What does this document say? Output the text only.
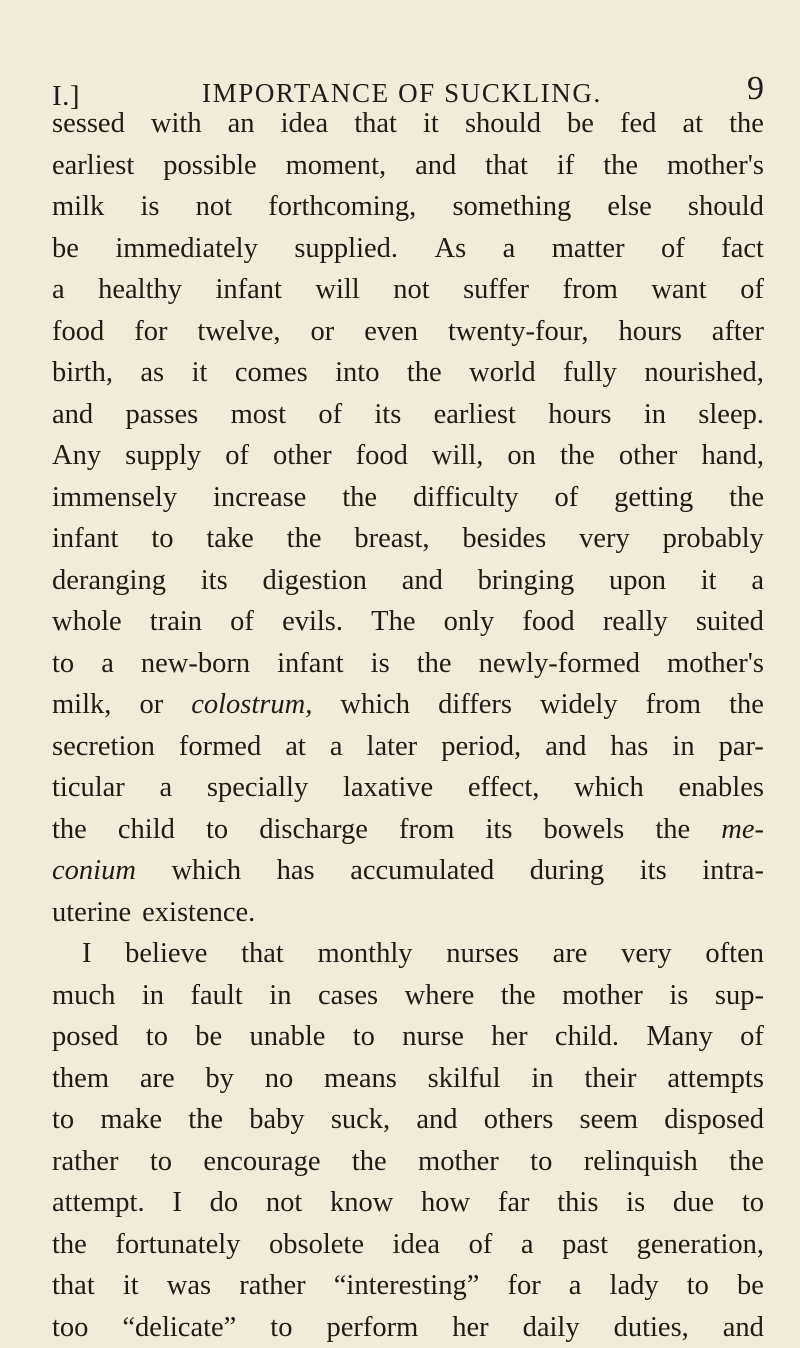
I.]	IMPORTANCE OF SUCKLING.	9
sessed with an idea that it should be fed at the
earliest possible moment, and that if the mother's
milk is not forthcoming, something else should
be immediately supplied. As a matter of fact
a healthy infant will not suffer from want of
food for twelve, or even twenty-four, hours after
birth, as it comes into the world fully nourished,
and passes most of its earliest hours in sleep.
Any supply of other food will, on the other hand,
immensely increase the difficulty of getting the
infant to take the breast, besides very probably
deranging its digestion and bringing upon it a
whole train of evils. The only food really suited
to a new-born infant is the newly-formed mother's
milk, or colostrum, which differs widely from the
secretion formed at a later period, and has in par-
ticular a specially laxative effect, which enables
the child to discharge from its bowels the me-
conium which has accumulated during its intra-
uterine existence.
I believe that monthly nurses are very often
much in fault in cases where the mother is sup-
posed to be unable to nurse her child. Many of
them are by no means skilful in their attempts
to make the baby suck, and others seem disposed
rather to encourage the mother to relinquish the
attempt. I do not know how far this is due to
the fortunately obsolete idea of a past generation,
that it was rather “interesting” for a lady to be
too “delicate” to perform her daily duties, and
